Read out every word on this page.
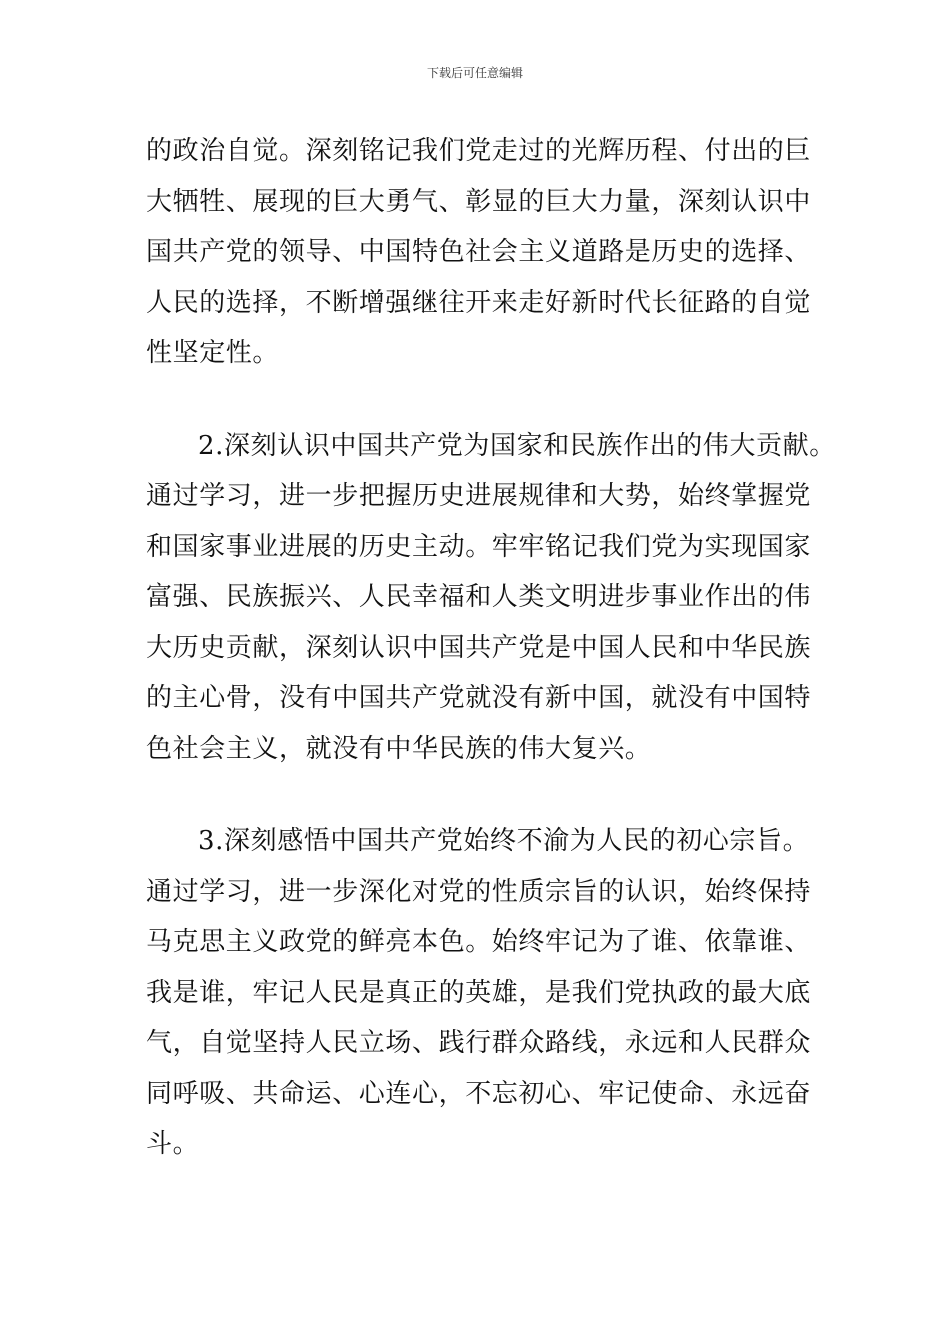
下载后可任意编辑

的政治自觉。深刻铭记我们党走过的光辉历程、付出的巨
大牺牲、展现的巨大勇气、彰显的巨大力量，深刻认识中
国共产党的领导、中国特色社会主义道路是历史的选择、
人民的选择，不断增强继往开来走好新时代长征路的自觉
性坚定性。

2.深刻认识中国共产党为国家和民族作出的伟大贡献。
通过学习，进一步把握历史进展规律和大势，始终掌握党
和国家事业进展的历史主动。牢牢铭记我们党为实现国家
富强、民族振兴、人民幸福和人类文明进步事业作出的伟
大历史贡献，深刻认识中国共产党是中国人民和中华民族
的主心骨，没有中国共产党就没有新中国，就没有中国特
色社会主义，就没有中华民族的伟大复兴。

3.深刻感悟中国共产党始终不渝为人民的初心宗旨。
通过学习，进一步深化对党的性质宗旨的认识，始终保持
马克思主义政党的鲜亮本色。始终牢记为了谁、依靠谁、
我是谁，牢记人民是真正的英雄，是我们党执政的最大底
气，自觉坚持人民立场、践行群众路线，永远和人民群众
同呼吸、共命运、心连心，不忘初心、牢记使命、永远奋
斗。
